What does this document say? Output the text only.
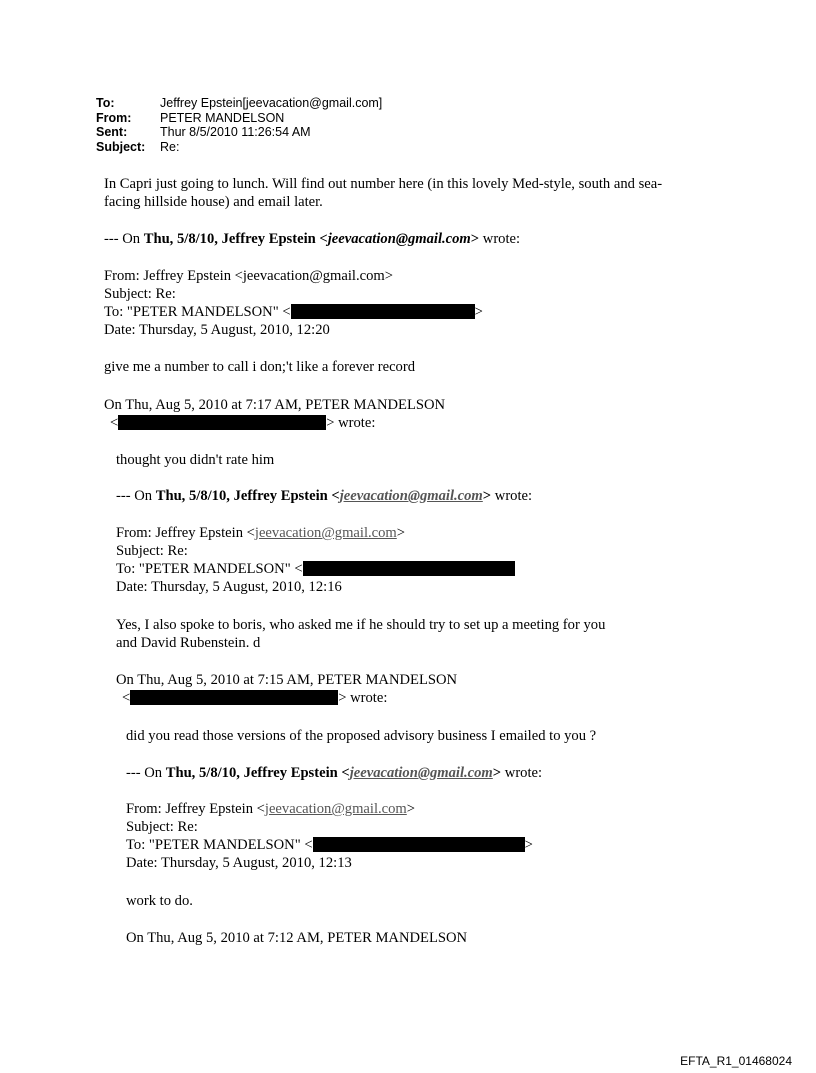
To:	Jeffrey Epstein[jeevacation@gmail.com]
From:	PETER MANDELSON
Sent:	Thur 8/5/2010 11:26:54 AM
Subject:	Re:
In Capri just going to lunch. Will find out number here (in this lovely Med-style, south and sea-
facing hillside house) and email later.
--- On Thu, 5/8/10, Jeffrey Epstein <jeevacation@gmail.com> wrote:
From: Jeffrey Epstein <jeevacation@gmail.com>
Subject: Re:
To: "PETER MANDELSON" <	>
Date: Thursday, 5 August, 2010, 12:20
give me a number to call i don;'t like a forever record
On Thu, Aug 5, 2010 at 7:17 AM, PETER MANDELSON
<	> wrote:
thought you didn't rate him
--- On Thu, 5/8/10, Jeffrey Epstein <jeevacation@gmail.com> wrote:
From: Jeffrey Epstein <jeevacation@gmail.com>
Subject: Re:
To: "PETER MANDELSON" <
Date: Thursday, 5 August, 2010, 12:16
Yes, I also spoke to boris, who asked me if he should try to set up a meeting for you
and David Rubenstein. d
On Thu, Aug 5, 2010 at 7:15 AM, PETER MANDELSON
<	> wrote:
did you read those versions of the proposed advisory business I emailed to you ?
--- On Thu, 5/8/10, Jeffrey Epstein <jeevacation@gmail.com> wrote:
From: Jeffrey Epstein <jeevacation@gmail.com>
Subject: Re:
To: "PETER MANDELSON" <	>
Date: Thursday, 5 August, 2010, 12:13
work to do.
On Thu, Aug 5, 2010 at 7:12 AM, PETER MANDELSON
EFTA_R1_01468024
